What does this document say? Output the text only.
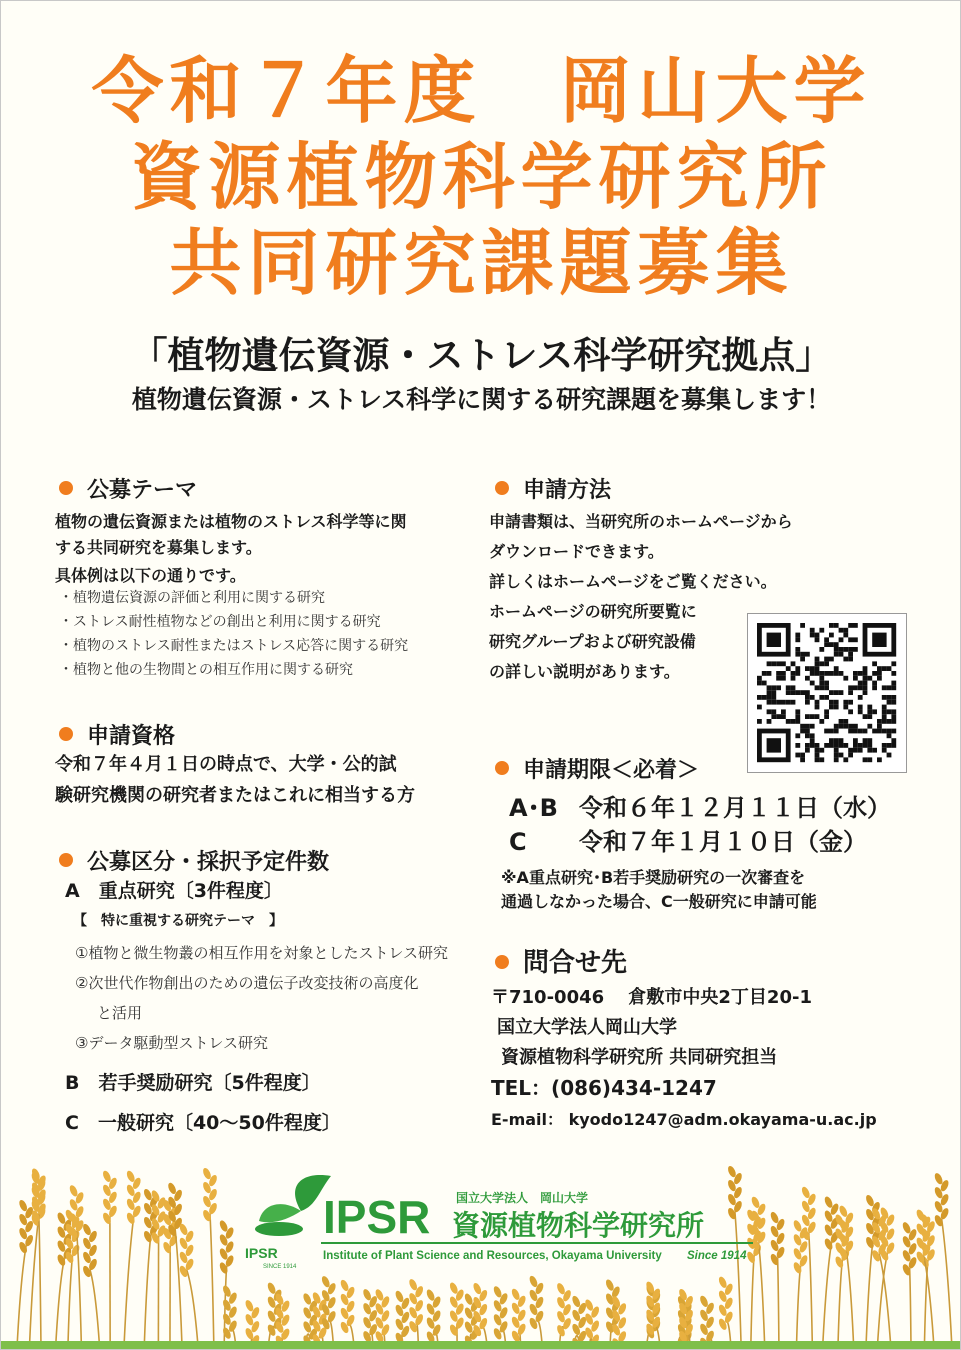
令和７年度　岡山大学
資源植物科学研究所
共同研究課題募集
「植物遺伝資源・ストレス科学研究拠点」
植物遺伝資源・ストレス科学に関する研究課題を募集します！
公募テーマ
植物の遺伝資源または植物のストレス科学等に関
する共同研究を募集します。
具体例は以下の通りです。
・植物遺伝資源の評価と利用に関する研究
・ストレス耐性植物などの創出と利用に関する研究
・植物のストレス耐性またはストレス応答に関する研究
・植物と他の生物間との相互作用に関する研究
申請資格
令和７年４月１日の時点で、大学・公的試
験研究機関の研究者またはこれに相当する方
公募区分・採択予定件数
A　重点研究〔3件程度〕
【　特に重視する研究テーマ　】
①植物と微生物叢の相互作用を対象としたストレス研究
②次世代作物創出のための遺伝子改変技術の高度化
と活用
③データ駆動型ストレス研究
B　若手奨励研究〔5件程度〕
C　一般研究〔40～50件程度〕
申請方法
申請書類は、当研究所のホームページから
ダウンロードできます。
詳しくはホームページをご覧ください。
ホームページの研究所要覧に
研究グループおよび研究設備
の詳しい説明があります。
申請期限＜必着＞
A･B 令和６年１２月１１日（水）
C 令和７年１月１０日（金）
※A重点研究･B若手奨励研究の一次審査を
通過しなかった場合、C一般研究に申請可能
問合せ先
〒710-0046　 倉敷市中央2丁目20-1
国立大学法人岡山大学
資源植物科学研究所 共同研究担当
TEL：(086)434-1247
E-mail： kyodo1247@adm.okayama-u.ac.jp
IPSR
SINCE 1914
IPSR 国立大学法人　岡山大学
資源植物科学研究所
Institute of Plant Science and Resources, Okayama University Since 1914
